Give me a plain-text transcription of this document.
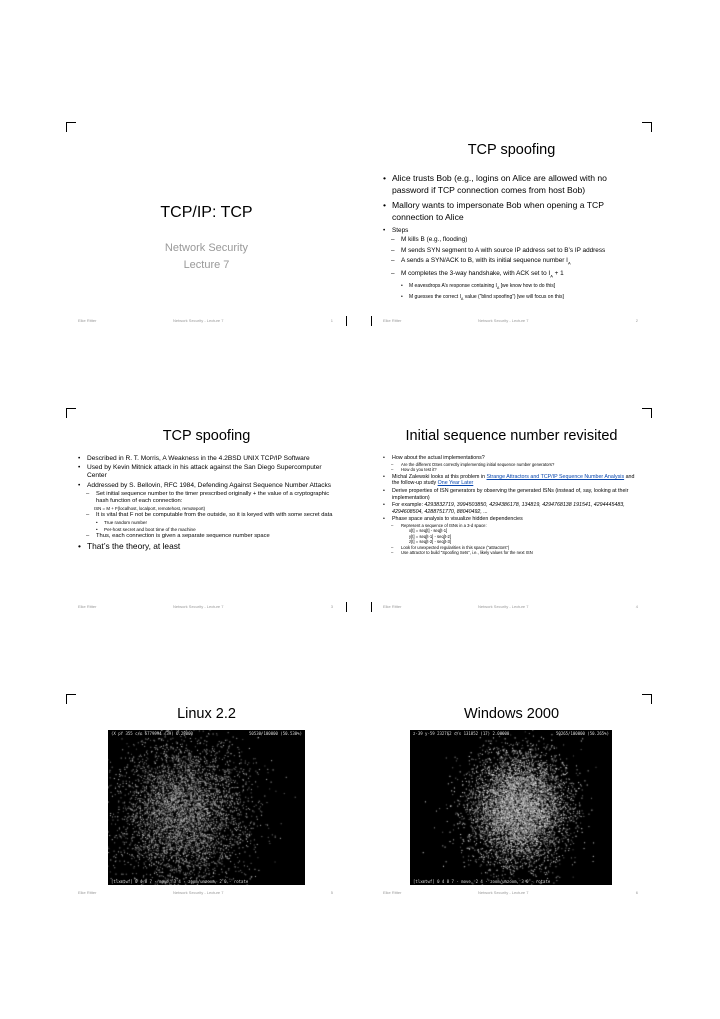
TCP/IP: TCP
Network Security
Lecture 7
Elke Ritter	Network Security - Lecture 7	1
TCP spoofing
• Alice trusts Bob (e.g., logins on Alice are allowed with no password if TCP connection comes from host Bob)
• Mallory wants to impersonate Bob when opening a TCP connection to Alice
• Steps
– M kills B (e.g., flooding)
– M sends SYN segment to A with source IP address set to B’s IP address
– A sends a SYN/ACK to B, with its initial sequence number $I_A$
– M completes the 3-way handshake, with ACK set to $I_A + 1$
• M eavesdrops A’s response containing $I_A$ [we know how to do this]
• M guesses the correct $I_A$ value (“blind spoofing”) [we will focus on this]
Elke Ritter	Network Security - Lecture 7	2
TCP spoofing
• Described in R. T. Morris, A Weakness in the 4.2BSD UNIX TCP/IP Software
• Used by Kevin Mitnick attack in his attack against the San Diego Supercomputer Center
• Addressed by S. Bellovin, RFC 1984, Defending Against Sequence Number Attacks
– Set initial sequence number to the timer prescribed originally + the value of a cryptographic hash function of each connection:
ISN = M + F(localhost, localport, remotehost, remoteport)
– It is vital that F not be computable from the outside, so it is keyed with with some secret data
• True random number
• Per-host secret and boot time of the machine
– Thus, each connection is given a separate sequence number space
• That’s the theory, at least
Elke Ritter	Network Security - Lecture 7	3
Initial sequence number revisited
• How about the actual implementations?
– Are the different OSes correctly implementing initial sequence number generators?
– How do you test it?
• Michal Zalewski looks at this problem in Strange Attractors and TCP/IP Sequence Number Analysis and the follow-up study One Year Later
• Derive properties of ISN generators by observing the generated ISNs (instead of, say, looking at their implementation)
• For example: 4293832719, 3994503850, 4294386178, 134819, 4294768138 191541, 4294445483, 4294608504, 4288751770, 88040492, ...
• Phase space analysis to visualize hidden dependencies
– Represent a sequence of ISNs in a 3-d space:
x[t] = seq[t] - seq[t-1]
y[t] = seq[t-1] - seq[t-2]
z[t] = seq[t-2] - seq[t-3]
– Look for unexpected regularities in this space (“attractors”)
– Use attractor to build “Spoofing Sets”, i.e., likely values for the next ISN
Elke Ritter	Network Security - Lecture 7	4
Linux 2.2
[tlxmtwf] 0 4 8 7 - move, 3 4 - zoom/unzoom, 2 0 - rotate
Elke Ritter	Network Security - Lecture 7	5
Windows 2000
[tlxmtwf] 0 4 8 7 - move, 2 4 - zoom/unzoom, 3 0 - rotate
Elke Ritter	Network Security - Lecture 7	6
